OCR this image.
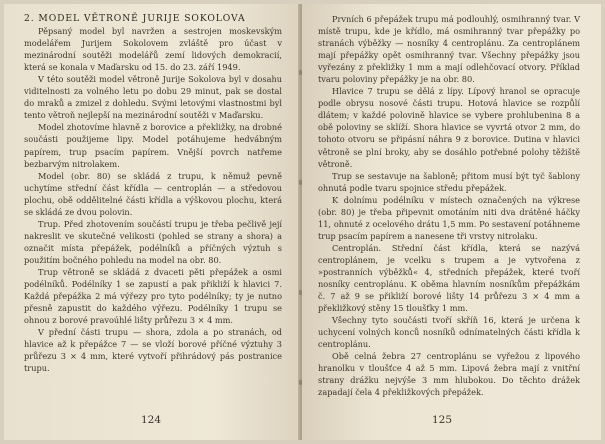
2. MODEL VĚTRONĚ JURIJE SOKOLOVA

Pěpsaný model byl navržen a sestrojen moskevským modelářem Jurijem Sokolovem zvláště pro účast v mezinárodní soutěži modelářů zemí lidových demokracií, která se konala v Maďarsku od 15. do 23. září 1949.

V této soutěži model větroně Jurije Sokolova byl v dosahu viditelnosti za volného letu po dobu 29 minut, pak se dostal do mraků a zmizel z dohledu. Svými letovými vlastnostmi byl tento větroň nejlepší na mezinárodní soutěži v Maďarsku.

Model zhotovíme hlavně z borovice a překližky, na drobné součásti použijeme lipy. Model potáhujeme hedvábným papírem, trup psacím papírem. Vnější povrch natřeme bezbarvým nitrolakem.

Model (obr. 80) se skládá z trupu, k němuž pevně uchytíme střední část křídla — centroplán — a středovou plochu, obě oddělitelné části křídla a výškovou plochu, která se skládá ze dvou polovin.

Trup. Před zhotovením součástí trupu je třeba pečlivě její nakreslit ve skutečné velikosti (pohled se strany a shora) a označit místa přepážek, podélníků a příčných výztuh s použitím bočného pohledu na model na obr. 80.

Trup větroně se skládá z dvaceti pěti přepážek a osmi podélníků. Podélníky 1 se zapustí a pak přikliží k hlavici 7. Každá přepážka 2 má výřezy pro tyto podélníky; ty je nutno přesně zapustit do každého výřezu. Podélníky 1 trupu se ohnou z borové pravoúhlé lišty průřezu 3 × 4 mm.

V přední části trupu — shora, zdola a po stranách, od hlavice až k přepážce 7 — se vloží borové příčné výztuhy 3 průřezu 3 × 4 mm, které vytvoří přihrádový pás postranice trupu.

124

Prvních 6 přepážek trupu má podlouhlý, osmihranný tvar. V místě trupu, kde je křídlo, má osmihranný tvar přepážky po stranách výběžky — nosníky 4 centroplánu. Za centroplánem mají přepážky opět osmihranný tvar. Všechny přepážky jsou vyřezány z překližky 1 mm a mají odlehčovací otvory. Příklad tvaru poloviny přepážky je na obr. 80.

Hlavice 7 trupu se dělá z lípy. Lípový hranol se opracuje podle obrysu nosové části trupu. Hotová hlavice se rozpůlí dlátem; v každé polovině hlavice se vybere prohlubenina 8 a obě poloviny se sklíží. Shora hlavice se vyvrtá otvor 2 mm, do tohoto otvoru se připásní náhra 9 z borovice. Dutina v hlavici větroně se plní broky, aby se dosáhlo potřebné polohy těžiště větroně.

Trup se sestavuje na šabloně; přitom musí být tyč šablony ohnutá podle tvaru spojnice středu přepážek.

K dolnímu podélníku v místech označených na výkrese (obr. 80) je třeba připevnit omotáním niti dva drátěné háčky 11, ohnuté z ocelového drátu 1,5 mm. Po sestavení potáhneme trup psacím papírem a nanesene tři vrstvy nitrolaku.

Centroplán. Střední část křídla, která se nazývá centroplánem, je vcelku s trupem a je vytvořena z »postranních výběžků« 4, středních přepážek, které tvoří nosníky centroplánu. K oběma hlavním nosníkům přepážkám č. 7 až 9 se přikliží borové lišty 14 průřezu 3 × 4 mm a překližkový stěny 15 tloušťky 1 mm.

Všechny tyto součásti tvoří skříň 16, která je určena k uchycení volných konců nosníků odnímatelných části křídla k centroplánu.

Obě celná žebra 27 centroplánu se vyřežou z lipového hranolku v tloušťce 4 až 5 mm. Lipová žebra mají z vnitřní strany drážku nejvýše 3 mm hlubokou. Do těchto drážek zapadají čela 4 překližkových přepážek.

125
